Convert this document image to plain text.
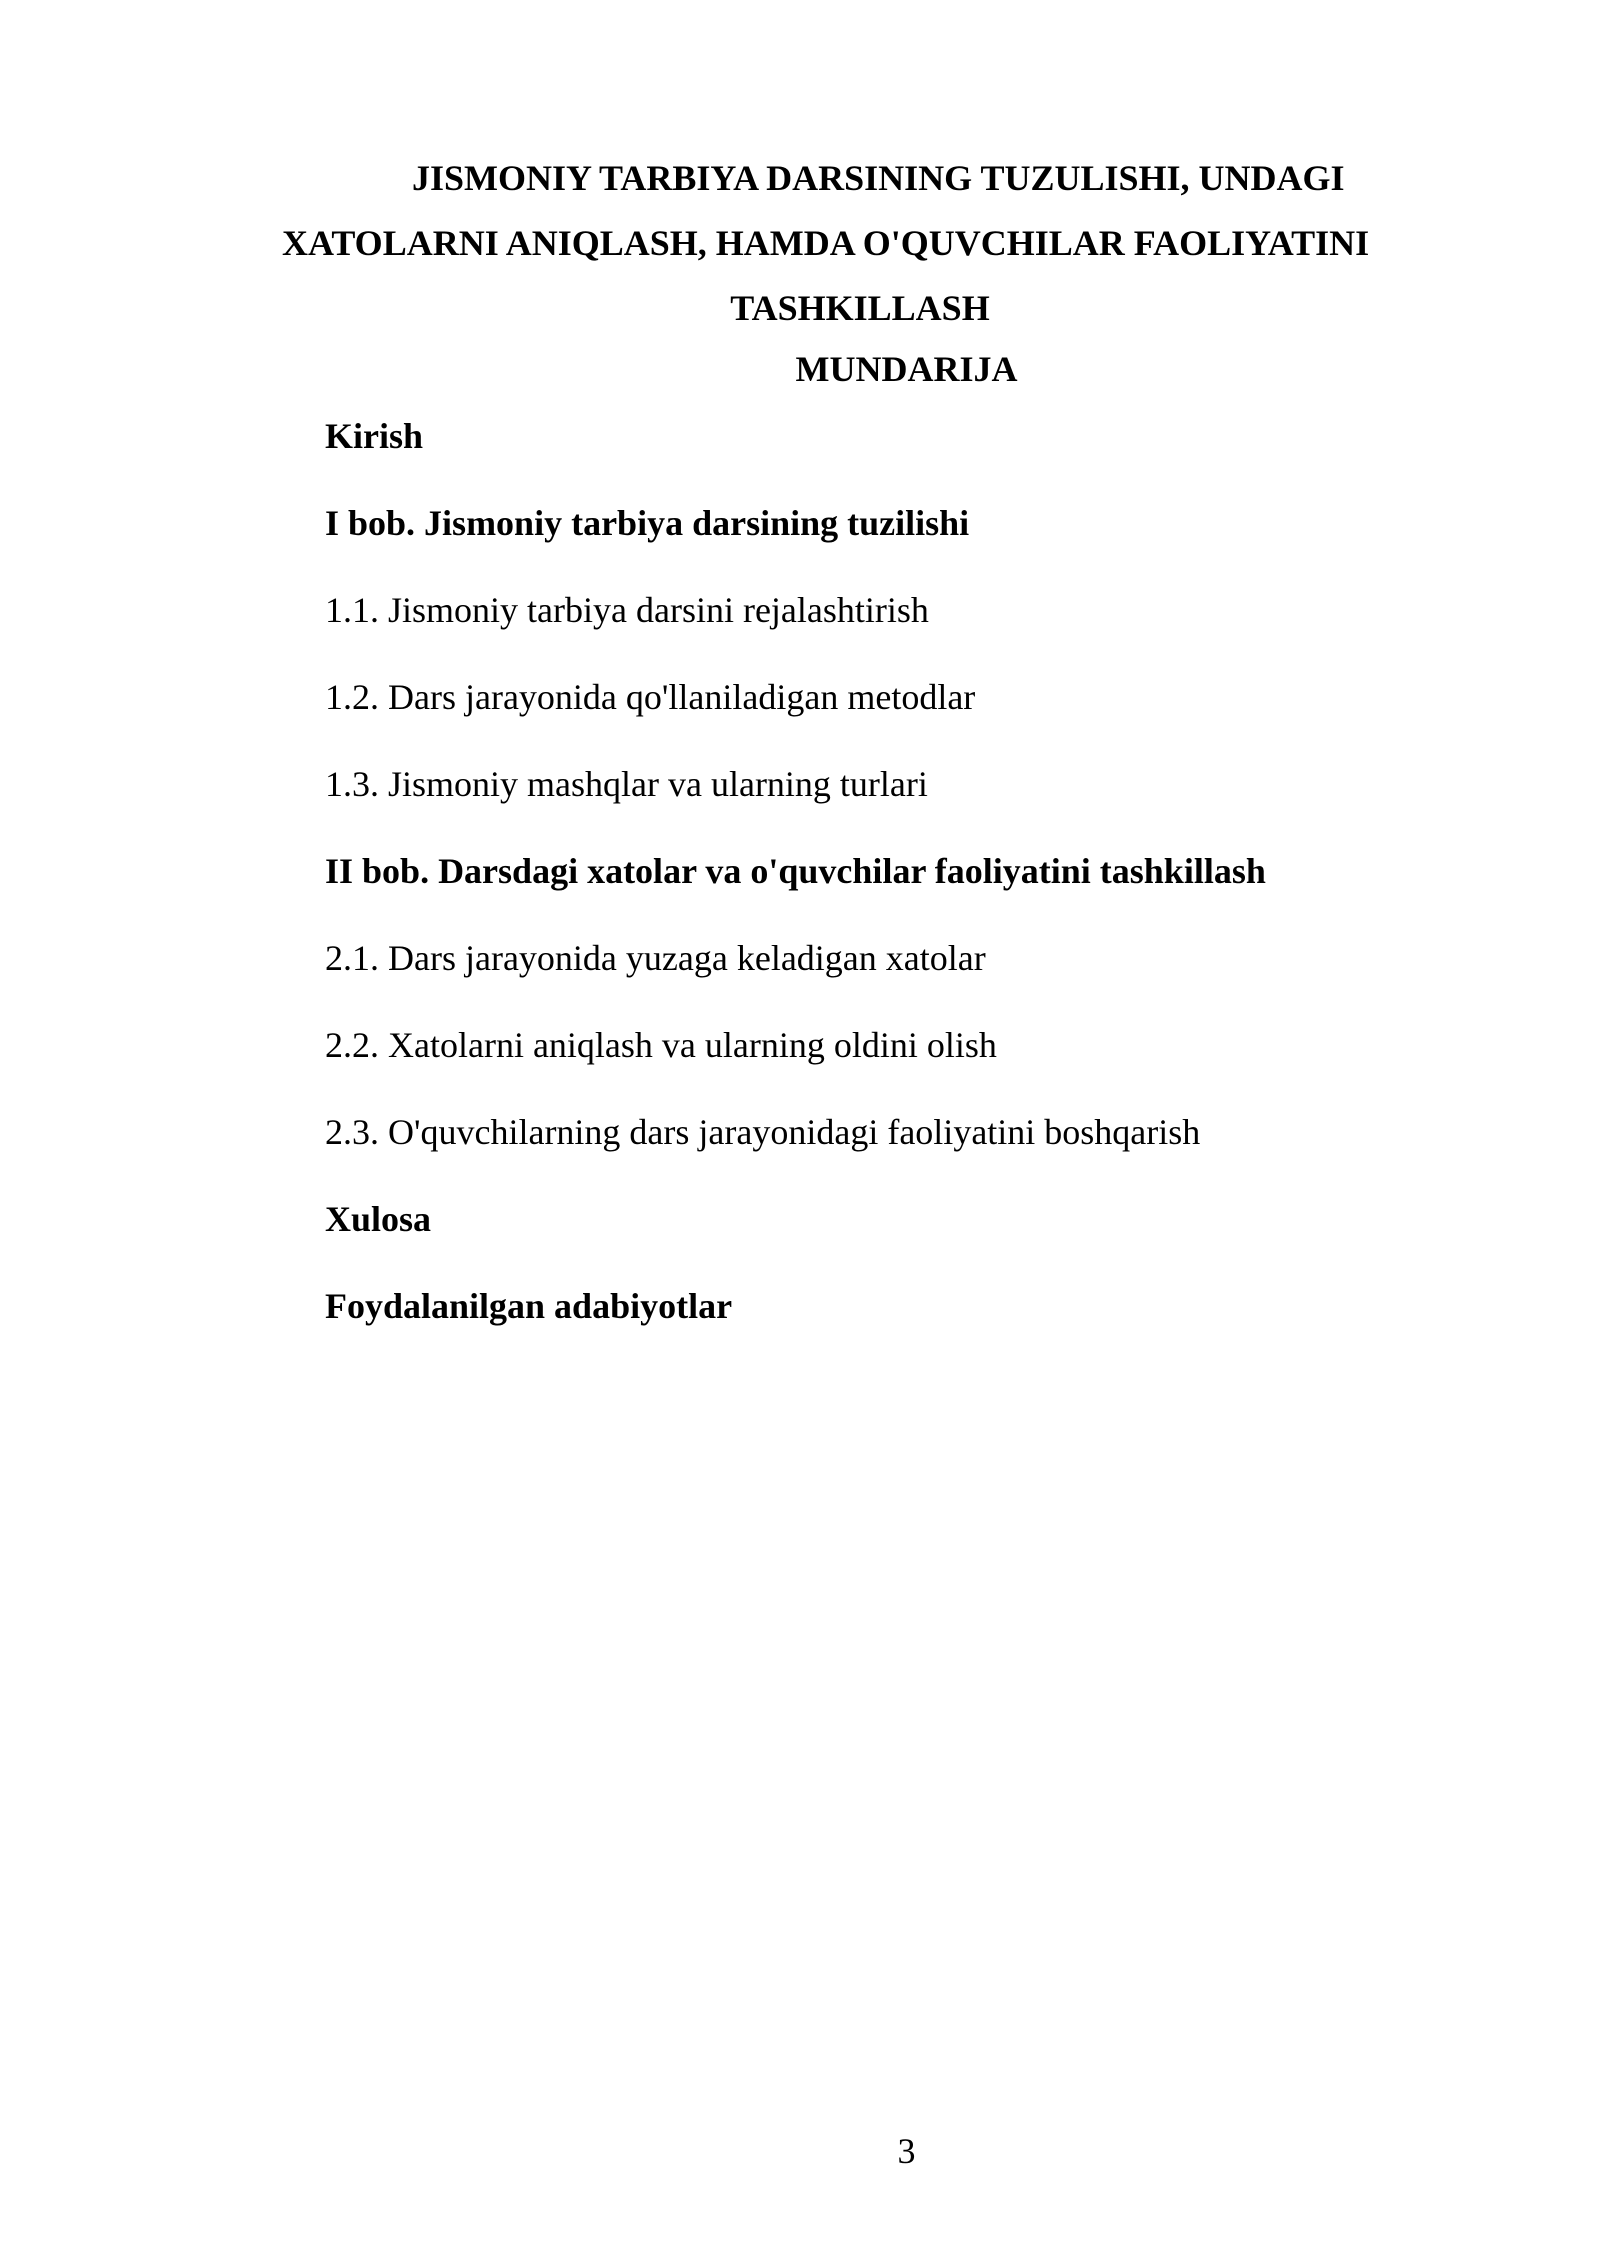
JISMONIY TARBIYA DARSINING TUZULISHI, UNDAGI
XATOLARNI ANIQLASH, HAMDA O'QUVCHILAR FAOLIYATINI
TASHKILLASH
MUNDARIJA
Kirish
I bob. Jismoniy tarbiya darsining tuzilishi
1.1. Jismoniy tarbiya darsini rejalashtirish
1.2. Dars jarayonida qo'llaniladigan metodlar
1.3. Jismoniy mashqlar va ularning turlari
II bob. Darsdagi xatolar va o'quvchilar faoliyatini tashkillash
2.1. Dars jarayonida yuzaga keladigan xatolar
2.2. Xatolarni aniqlash va ularning oldini olish
2.3. O'quvchilarning dars jarayonidagi faoliyatini boshqarish
Xulosa
Foydalanilgan adabiyotlar
3
